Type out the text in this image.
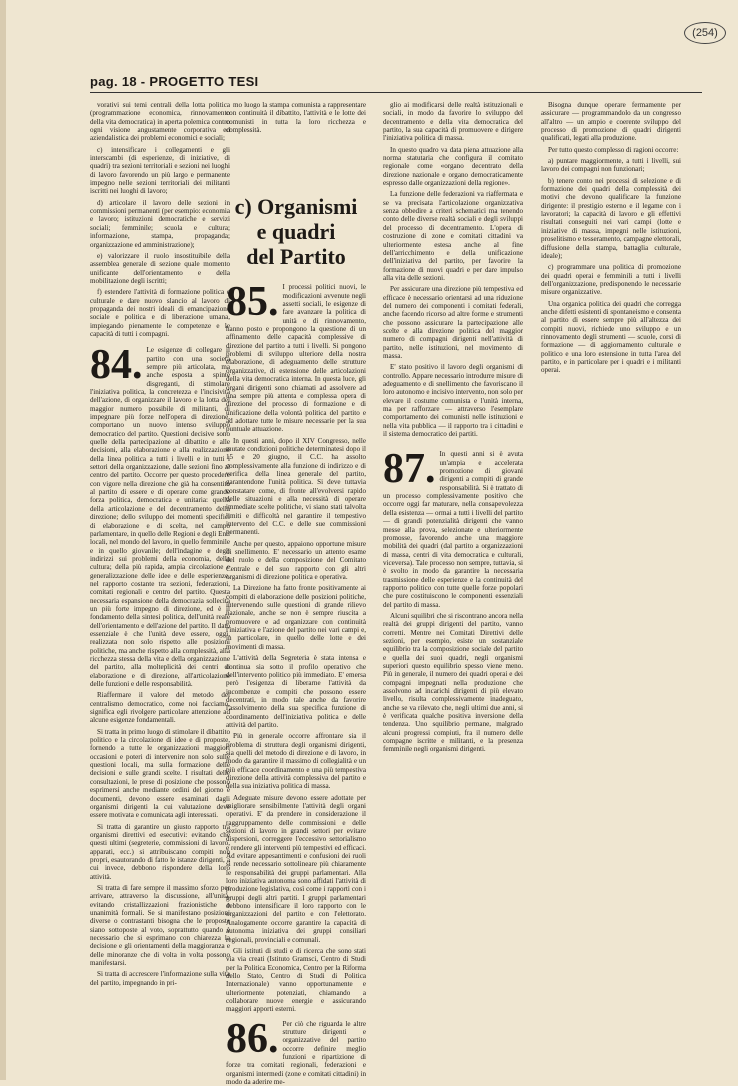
(254)
pag. 18 - PROGETTO TESI

vorativi sui temi centrali della lotta politica (programmazione economica, rinnovamento della vita democratica) in aperta polemica contro ogni visione angustamente corporativa ed aziendalistica dei problemi economici e sociali;

c) intensificare i collegamenti e gli interscambi (di esperienze, di iniziative, di quadri) tra sezioni territoriali e sezioni nei luoghi di lavoro favorendo un più largo e permanente impegno nelle sezioni territoriali dei militanti iscritti nei luoghi di lavoro;

d) articolare il lavoro delle sezioni in commissioni permanenti (per esempio: economia e lavoro; istituzioni democratiche e servizi sociali; femminile; scuola e cultura; informazione, stampa, propaganda; organizzazione ed amministrazione);

e) valorizzare il ruolo insostituibile della assemblea generale di sezione quale momento unificante dell'orientamento e della mobilitazione degli iscritti;

f) estendere l'attività di formazione politica e culturale e dare nuovo slancio al lavoro di propaganda dei nostri ideali di emancipazione sociale e politica e di liberazione umana, impiegando pienamente le competenze e le capacità di tutti i compagni.

84. Le esigenze di collegare il partito con una società sempre più articolata, ma anche esposta a spinte disgreganti, di stimolare l'iniziativa politica, la concretezza e l'incisività dell'azione, di organizzare il lavoro e la lotta del maggior numero possibile di militanti, di impegnare più forze nell'opera di direzione, comportano un nuovo intenso sviluppo democratico del partito. Questioni decisive sono quelle della partecipazione al dibattito e alle decisioni, alla elaborazione e alla realizzazione della linea politica a tutti i livelli e in tutti i settori della organizzazione, dalle sezioni fino al centro del partito. Occorre per questo procedere con vigore nella direzione che già ha consentito al partito di essere e di operare come grande forza politica, democratica e unitaria: quella della articolazione e del decentramento della direzione; dello sviluppo dei momenti specifici di elaborazione e di scelta, nel campo parlamentare, in quello delle Regioni e degli Enti locali, nel mondo del lavoro, in quello femminile e in quello giovanile; dell'indagine e degli indirizzi sui problemi della economia, della cultura; della più rapida, ampia circolazione e generalizzazione delle idee e delle esperienze, nel rapporto costante tra sezioni, federazioni, comitati regionali e centro del partito. Questa necessaria espansione della democrazia sollecita un più forte impegno di direzione, ed è il fondamento della sintesi politica, dell'unità reale dell'orientamento e dell'azione del partito. Il dato essenziale è che l'unità deve essere, oggi, realizzata non solo rispetto alle posizioni politiche, ma anche rispetto alla complessità, alla ricchezza stessa della vita e della organizzazione del partito, alla molteplicità dei centri di elaborazione e di direzione, all'articolazione delle funzioni e delle responsabilità.

Riaffermare il valore del metodo del centralismo democratico, come noi facciamo, significa egli rivolgere particolare attenzione ad alcune esigenze fondamentali.

Si tratta in primo luogo di stimolare il dibattito politico e la circolazione di idee e di proposte, fornendo a tutte le organizzazioni maggiori occasioni e poteri di intervenire non solo sulle questioni locali, ma sulla formazione delle decisioni e sulle grandi scelte. I risultati delle consultazioni, le prese di posizione che possono esprimersi anche mediante ordini del giorno e documenti, devono essere esaminati dagli organismi dirigenti la cui valutazione deve essere motivata e comunicata agli interessati.

Si tratta di garantire un giusto rapporto tra organismi direttivi ed esecutivi: evitando che questi ultimi (segreterie, commissioni di lavoro, apparati, ecc.) si attribuiscano compiti non propri, esautorando di fatto le istanze dirigenti, a cui invece, debbono rispondere della loro attività.

Si tratta di fare sempre il massimo sforzo per arrivare, attraverso la discussione, all'unità, evitando cristallizzazioni frazionistiche o unanimità formali. Se si manifestano posizioni diverse o contrastanti bisogna che le proposte siano sottoposte al voto, soprattutto quando è necessario che si esprimano con chiarezza la decisione e gli orientamenti della maggioranza e delle minoranze che di volta in volta possono manifestarsi.

Si tratta di accrescere l'informazione sulla vita del partito, impegnando in pri-

mo luogo la stampa comunista a rappresentare con continuità il dibattito, l'attività e le lotte dei comunisti in tutta la loro ricchezza e complessità.

c) Organismi
e quadri
del Partito

85. I processi politici nuovi, le modificazioni avvenute negli assetti sociali, le esigenze di fare avanzare la politica di unità e di rinnovamento, hanno posto e propongono la questione di un affinamento delle capacità complessive di direzione del partito a tutti i livelli. Si pongono problemi di sviluppo ulteriore della nostra elaborazione, di adeguamento delle strutture organizzative, di estensione delle articolazioni della vita democratica interna. In questa luce, gli organi dirigenti sono chiamati ad assolvere ad una sempre più attenta e complessa opera di direzione del processo di formazione e di unificazione della volontà politica del partito e ad adottare tutte le misure necessarie per la sua puntuale attuazione.

In questi anni, dopo il XIV Congresso, nelle mutate condizioni politiche determinatesi dopo il 15 e 20 giugno, il C.C. ha assolto complessivamente alla funzione di indirizzo e di verifica della linea generale del partito, garantendone l'unità politica. Si deve tuttavia constatare come, di fronte all'evolversi rapido delle situazioni e alla necessità di operare immediate scelte politiche, vi siano stati talvolta limiti e difficoltà nel garantire il tempestivo intervento del C.C. e delle sue commissioni permanenti.

Anche per questo, appaiono opportune misure di snellimento. E' necessario un attento esame del ruolo e della composizione del Comitato Centrale e del suo rapporto con gli altri organismi di direzione politica e operativa.

La Direzione ha fatto fronte positivamente ai compiti di elaborazione delle posizioni politiche, intervenendo sulle questioni di grande rilievo nazionale, anche se non è sempre riuscita a promuovere e ad organizzare con continuità l'iniziativa e l'azione del partito nei vari campi e, in particolare, in quello delle lotte e dei movimenti di massa.

L'attività della Segreteria è stata intensa e continua sia sotto il profilo operativo che dell'intervento politico più immediato. E' emersa però l'esigenza di liberarne l'attività da incombenze e compiti che possono essere decentrati, in modo tale anche da favorire l'assolvimento della sua specifica funzione di coordinamento dell'iniziativa politica e delle attività del partito.

Più in generale occorre affrontare sia il problema di struttura degli organismi dirigenti, sia quelli del metodo di direzione e di lavoro, in modo da garantire il massimo di collegialità e un più efficace coordinamento e una più tempestiva direzione della attività complessiva del partito e della sua iniziativa politica di massa.

Adeguate misure devono essere adottate per migliorare sensibilmente l'attività degli organi operativi. E' da prendere in considerazione il raggruppamento delle commissioni e delle sezioni di lavoro in grandi settori per evitare dispersioni, correggere l'eccessivo settorialismo e rendere gli interventi più tempestivi ed efficaci. Ad evitare appesantimenti e confusioni dei ruoli si rende necessario sottolineare più chiaramente le responsabilità dei gruppi parlamentari. Alla loro iniziativa autonoma sono affidati l'attività di produzione legislativa, così come i rapporti con i gruppi degli altri partiti. I gruppi parlamentari debbono intensificare il loro rapporto con le organizzazioni del partito e con l'elettorato. Analogamente occorre garantire la capacità di autonoma iniziativa dei gruppi consiliari regionali, provinciali e comunali.

Gli istituti di studi e di ricerca che sono stati via via creati (Istituto Gramsci, Centro di Studi per la Politica Economica, Centro per la Riforma dello Stato, Centro di Studi di Politica Internazionale) vanno opportunamente e ulteriormente potenziati, chiamando a collaborare nuove energie e assicurando maggiori apporti esterni.

86. Per ciò che riguarda le altre strutture dirigenti e organizzative del partito occorre definire meglio funzioni e ripartizione di forze tra comitati regionali, federazioni e organismi intermedi (zone e comitati cittadini) in modo da aderire me-

glio ai modificarsi delle realtà istituzionali e sociali, in modo da favorire lo sviluppo del decentramento e della vita democratica del partito, la sua capacità di promuovere e dirigere l'iniziativa politica di massa.

In questo quadro va data piena attuazione alla norma statutaria che configura il comitato regionale come «organo decentrato della direzione nazionale e organo democraticamente espresso dalle organizzazioni della regione».

La funzione delle federazioni va riaffermata e se va precisata l'articolazione organizzativa senza obbedire a criteri schematici ma tenendo conto delle diverse realtà sociali e degli sviluppi del processo di decentramento. L'opera di costruzione di zone e comitati cittadini va ulteriormente estesa anche al fine dell'arricchimento e della unificazione dell'iniziativa del partito, per favorire la formazione di nuovi quadri e per dare impulso alla vita delle sezioni.

Per assicurare una direzione più tempestiva ed efficace è necessario orientarsi ad una riduzione del numero dei componenti i comitati federali, anche facendo ricorso ad altre forme e strumenti che possono assicurare la partecipazione alle scelte e alla direzione politica del maggior numero di compagni dirigenti nell'attività di partito, nelle istituzioni, nel movimento di massa.

E' stato positivo il lavoro degli organismi di controllo. Appare necessario introdurre misure di adeguamento e di snellimento che favoriscano il loro autonomo e incisivo intervento, non solo per elevare il costume comunista e l'unità interna, ma per rafforzare — attraverso l'esemplare comportamento dei comunisti nelle istituzioni e nella vita pubblica — il rapporto tra i cittadini e il sistema democratico dei partiti.

87. In questi anni si è avuta un'ampia e accelerata promozione di giovani dirigenti a compiti di grande responsabilità. Si è trattato di un processo complessivamente positivo che occorre oggi far maturare, nella consapevolezza della esistenza — ormai a tutti i livelli del partito — di grandi potenzialità dirigenti che vanno messe alla prova, selezionate e ulteriormente promosse, favorendo anche una maggiore mobilità dei quadri (dal partito a organizzazioni di massa, centri di vita democratica e culturali, viceversa). Tale processo non sempre, tuttavia, si è svolto in modo da garantire la necessaria trasmissione delle esperienze e la continuità del rapporto politico con tutte quelle forze popolari che pure costituiscono le componenti essenziali del partito di massa.

Alcuni squilibri che si riscontrano ancora nella realtà dei gruppi dirigenti del partito, vanno corretti. Mentre nei Comitati Direttivi delle sezioni, per esempio, esiste un sostanziale equilibrio tra la composizione sociale del partito e quella dei suoi quadri, negli organismi superiori questo equilibrio spesso viene meno. Più in generale, il numero dei quadri operai e dei compagni impegnati nella produzione che assolvono ad incarichi dirigenti di più elevato livello, risulta complessivamente inadeguato, anche se va rilevato che, negli ultimi due anni, si è verificata qualche positiva inversione della tendenza. Uno squilibrio permane, malgrado alcuni progressi compiuti, fra il numero delle compagne iscritte e militanti, e la presenza femminile negli organismi dirigenti.

Bisogna dunque operare fermamente per assicurare — programmandolo da un congresso all'altro — un ampio e coerente sviluppo del processo di promozione di quadri dirigenti qualificati, legati alla produzione.

Per tutto questo complesso di ragioni occorre:

a) puntare maggiormente, a tutti i livelli, sui lavoro dei compagni non funzionari;

b) tenere conto nei processi di selezione e di formazione dei quadri della complessità dei motivi che devono qualificare la funzione dirigente: il prestigio esterno e il legame con i lavoratori; la capacità di lavoro e gli effettivi risultati conseguiti nei vari campi (lotte e iniziative di massa, impegni nelle istituzioni, proselitismo e tesseramento, campagne elettorali, diffusione della stampa, battaglia culturale, ideale);

c) programmare una politica di promozione dei quadri operai e femminili a tutti i livelli dell'organizzazione, predisponendo le necessarie misure organizzative.

Una organica politica dei quadri che corregga anche difetti esistenti di spontaneismo e consenta al partito di essere sempre più all'altezza dei compiti nuovi, richiede uno sviluppo e un rinnovamento degli strumenti — scuole, corsi di formazione — di aggiornamento culturale e politico e una loro estensione in tutta l'area del partito, e in particolare per i quadri e i militanti operai.
